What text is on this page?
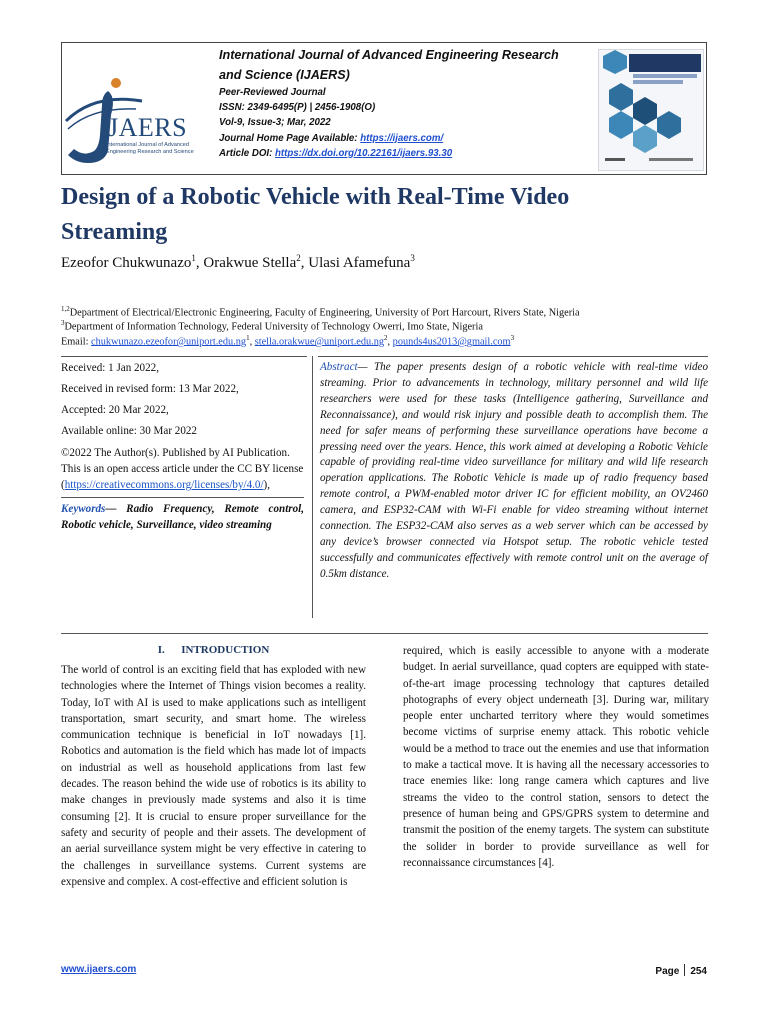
JAERS
International Journal of Advanced Engineering Research and Science
International Journal of Advanced Engineering Research
and Science (IJAERS)
Peer-Reviewed Journal
ISSN: 2349-6495(P) | 2456-1908(O)
Vol-9, Issue-3; Mar, 2022
Journal Home Page Available: https://ijaers.com/
Article DOI: https://dx.doi.org/10.22161/ijaers.93.30
Design of a Robotic Vehicle with Real-Time Video Streaming
Ezeofor Chukwunazo$^1$, Orakwue Stella$^2$, Ulasi Afamefuna$^3$
$^{1,2}$Department of Electrical/Electronic Engineering, Faculty of Engineering, University of Port Harcourt, Rivers State, Nigeria
$^3$Department of Information Technology, Federal University of Technology Owerri, Imo State, Nigeria
Email: $chukwunazo.ezeofor@uniport.edu.ng^1$, $stella.orakwue@uniport.edu.ng^2$, pounds4us2013@gmail.com$^3$
Received: 1 Jan 2022,
Received in revised form: 13 Mar 2022,
Accepted: 20 Mar 2022,
Available online: 30 Mar 2022
©2022 The Author(s). Published by AI Publication. This is an open access article under the CC BY license (https://creativecommons.org/licenses/by/4.0/),
Keywords— Radio Frequency, Remote control, Robotic vehicle, Surveillance, video streaming
Abstract— The paper presents design of a robotic vehicle with real-time video streaming. Prior to advancements in technology, military personnel and wild life researchers were used for these tasks (Intelligence gathering, Surveillance and Reconnaissance), and would risk injury and possible death to accomplish them. The need for safer means of performing these surveillance operations have become a pressing need over the years. Hence, this work aimed at developing a Robotic Vehicle capable of providing real-time video surveillance for military and wild life research operation applications. The Robotic Vehicle is made up of radio frequency based remote control, a PWM-enabled motor driver IC for efficient mobility, an OV2460 camera, and ESP32-CAM with Wi-Fi enable for video streaming without internet connection. The ESP32-CAM also serves as a web server which can be accessed by any device’s browser connected via Hotspot setup. The robotic vehicle tested successfully and communicates effectively with remote control unit on the average of 0.5km distance.
I.      INTRODUCTION
The world of control is an exciting field that has exploded with new technologies where the Internet of Things vision becomes a reality. Today, IoT with AI is used to make applications such as intelligent transportation, smart security, and smart home. The wireless communication technique is beneficial in IoT nowadays [1]. Robotics and automation is the field which has made lot of impacts on industrial as well as household applications from last few decades. The reason behind the wide use of robotics is its ability to make changes in previously made systems and also it is time consuming [2]. It is crucial to ensure proper surveillance for the safety and security of people and their assets. The development of an aerial surveillance system might be very effective in catering to the challenges in surveillance systems. Current systems are expensive and complex. A cost-effective and efficient solution is
required, which is easily accessible to anyone with a moderate budget. In aerial surveillance, quad copters are equipped with state-of-the-art image processing technology that captures detailed photographs of every object underneath [3]. During war, military people enter uncharted territory where they would sometimes become victims of surprise enemy attack. This robotic vehicle would be a method to trace out the enemies and use that information to make a tactical move. It is having all the necessary accessories to trace enemies like: long range camera which captures and live streams the video to the control station, sensors to detect the presence of human being and GPS/GPRS system to determine and transmit the position of the enemy targets. The system can substitute the solider in border to provide surveillance as well for reconnaissance circumstances [4].
www.ijaers.com	Page 254
